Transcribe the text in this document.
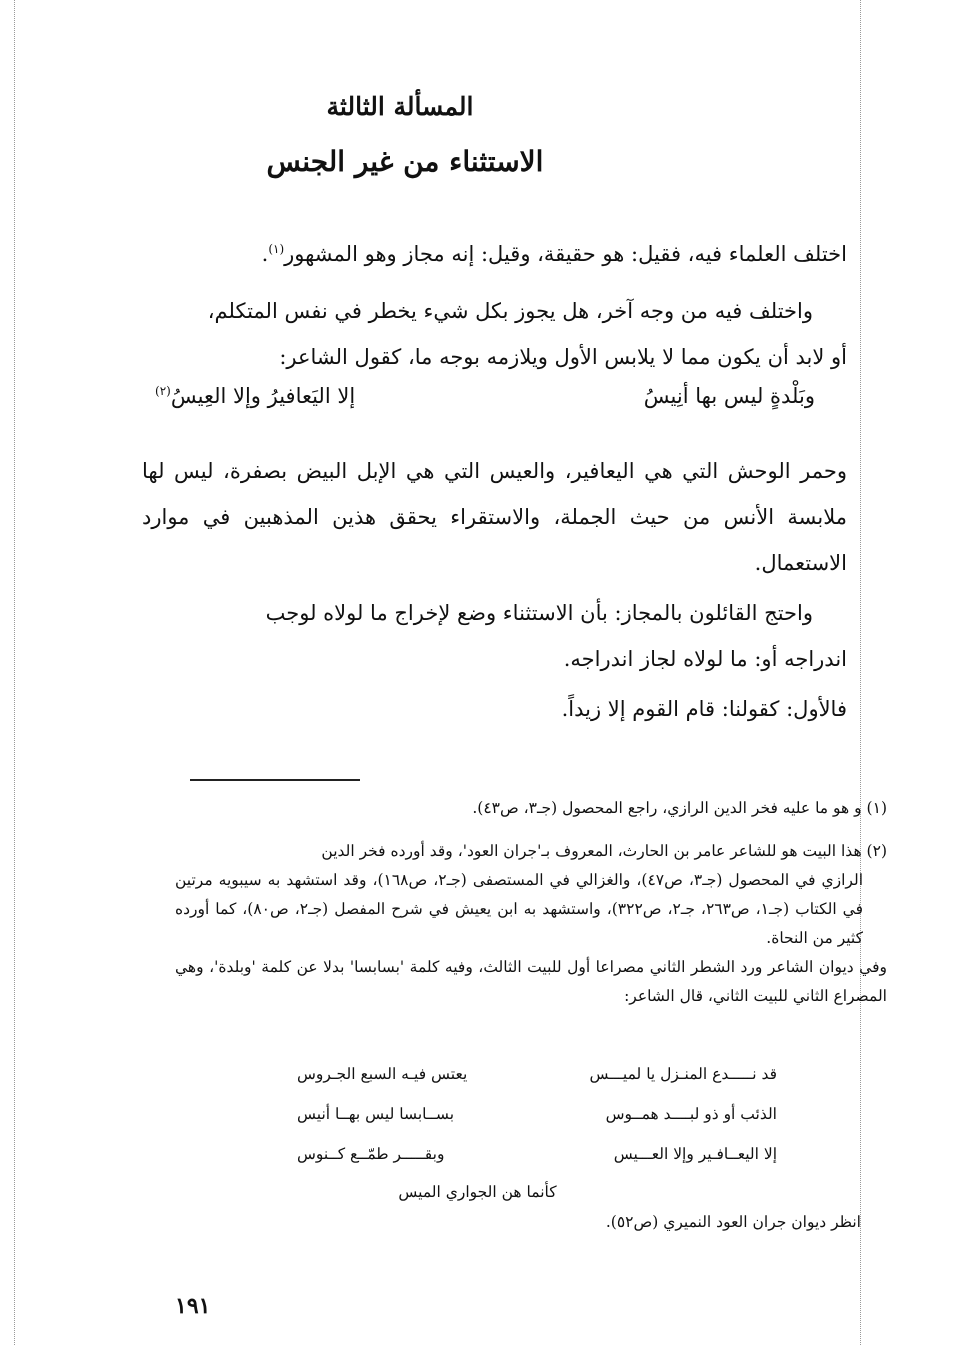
المسألة الثالثة
الاستثناء من غير الجنس
اختلف العلماء فيه، فقيل: هو حقيقة، وقيل: إنه مجاز وهو المشهور$^{(١)}$.
واختلف فيه من وجه آخر، هل يجوز بكل شيء يخطر في نفس المتكلم،
أو لابد أن يكون مما لا يلابس الأول ويلازمه بوجه ما، كقول الشاعر:
وبَلْدةٍ ليس بها أنِيسُ
إلا اليَعافيرُ وإلا العِيسُ$^{(٢)}$
وحمر الوحش التي هي اليعافير، والعيس التي هي الإبل البيض بصفرة، ليس لها ملابسة الأنس من حيث الجملة، والاستقراء يحقق هذين المذهبين في موارد الاستعمال.
واحتج القائلون بالمجاز: بأن الاستثناء وضع لإخراج ما لولاه لوجب
اندراجه أو: ما لولاه لجاز اندراجه.
فالأول: كقولنا: قام القوم إلا زيداً.
(١) و هو ما عليه فخر الدين الرازي، راجع المحصول (جـ٣، ص٤٣).
(٢) هذا البيت هو للشاعر عامر بن الحارث، المعروف بـ'جران العود'، وقد أورده فخر الدين
الرازي في المحصول (جـ٣، ص٤٧)، والغزالي في المستصفى (جـ٢، ص١٦٨)، وقد استشهد به سيبويه مرتين في الكتاب (جـ١، ص٢٦٣، جـ٢، ص٣٢٢)، واستشهد به ابن يعيش في شرح المفصل (جـ٢، ص٨٠)، كما أورده كثير من النحاة.
وفي ديوان الشاعر ورد الشطر الثاني مصراعا أول للبيت الثالث، وفيه كلمة 'بسابسا' بدلا عن كلمة 'وبلدة'، وهي المصراع الثاني للبيت الثاني، قال الشاعر:
قد نـــــدع المنـزل يا لميـــس
يعتس فيـه السبع الجـروس
الذئب أو ذو لبــــد همــوس
بســابسا ليس بهــا أنيس
إلا اليعــافـير وإلا العـــيس
وبقـــــر طمّــع كــنوس
كأنما هن الجواري الميس
انظر ديوان جران العود النميري (ص٥٢).
١٩١
